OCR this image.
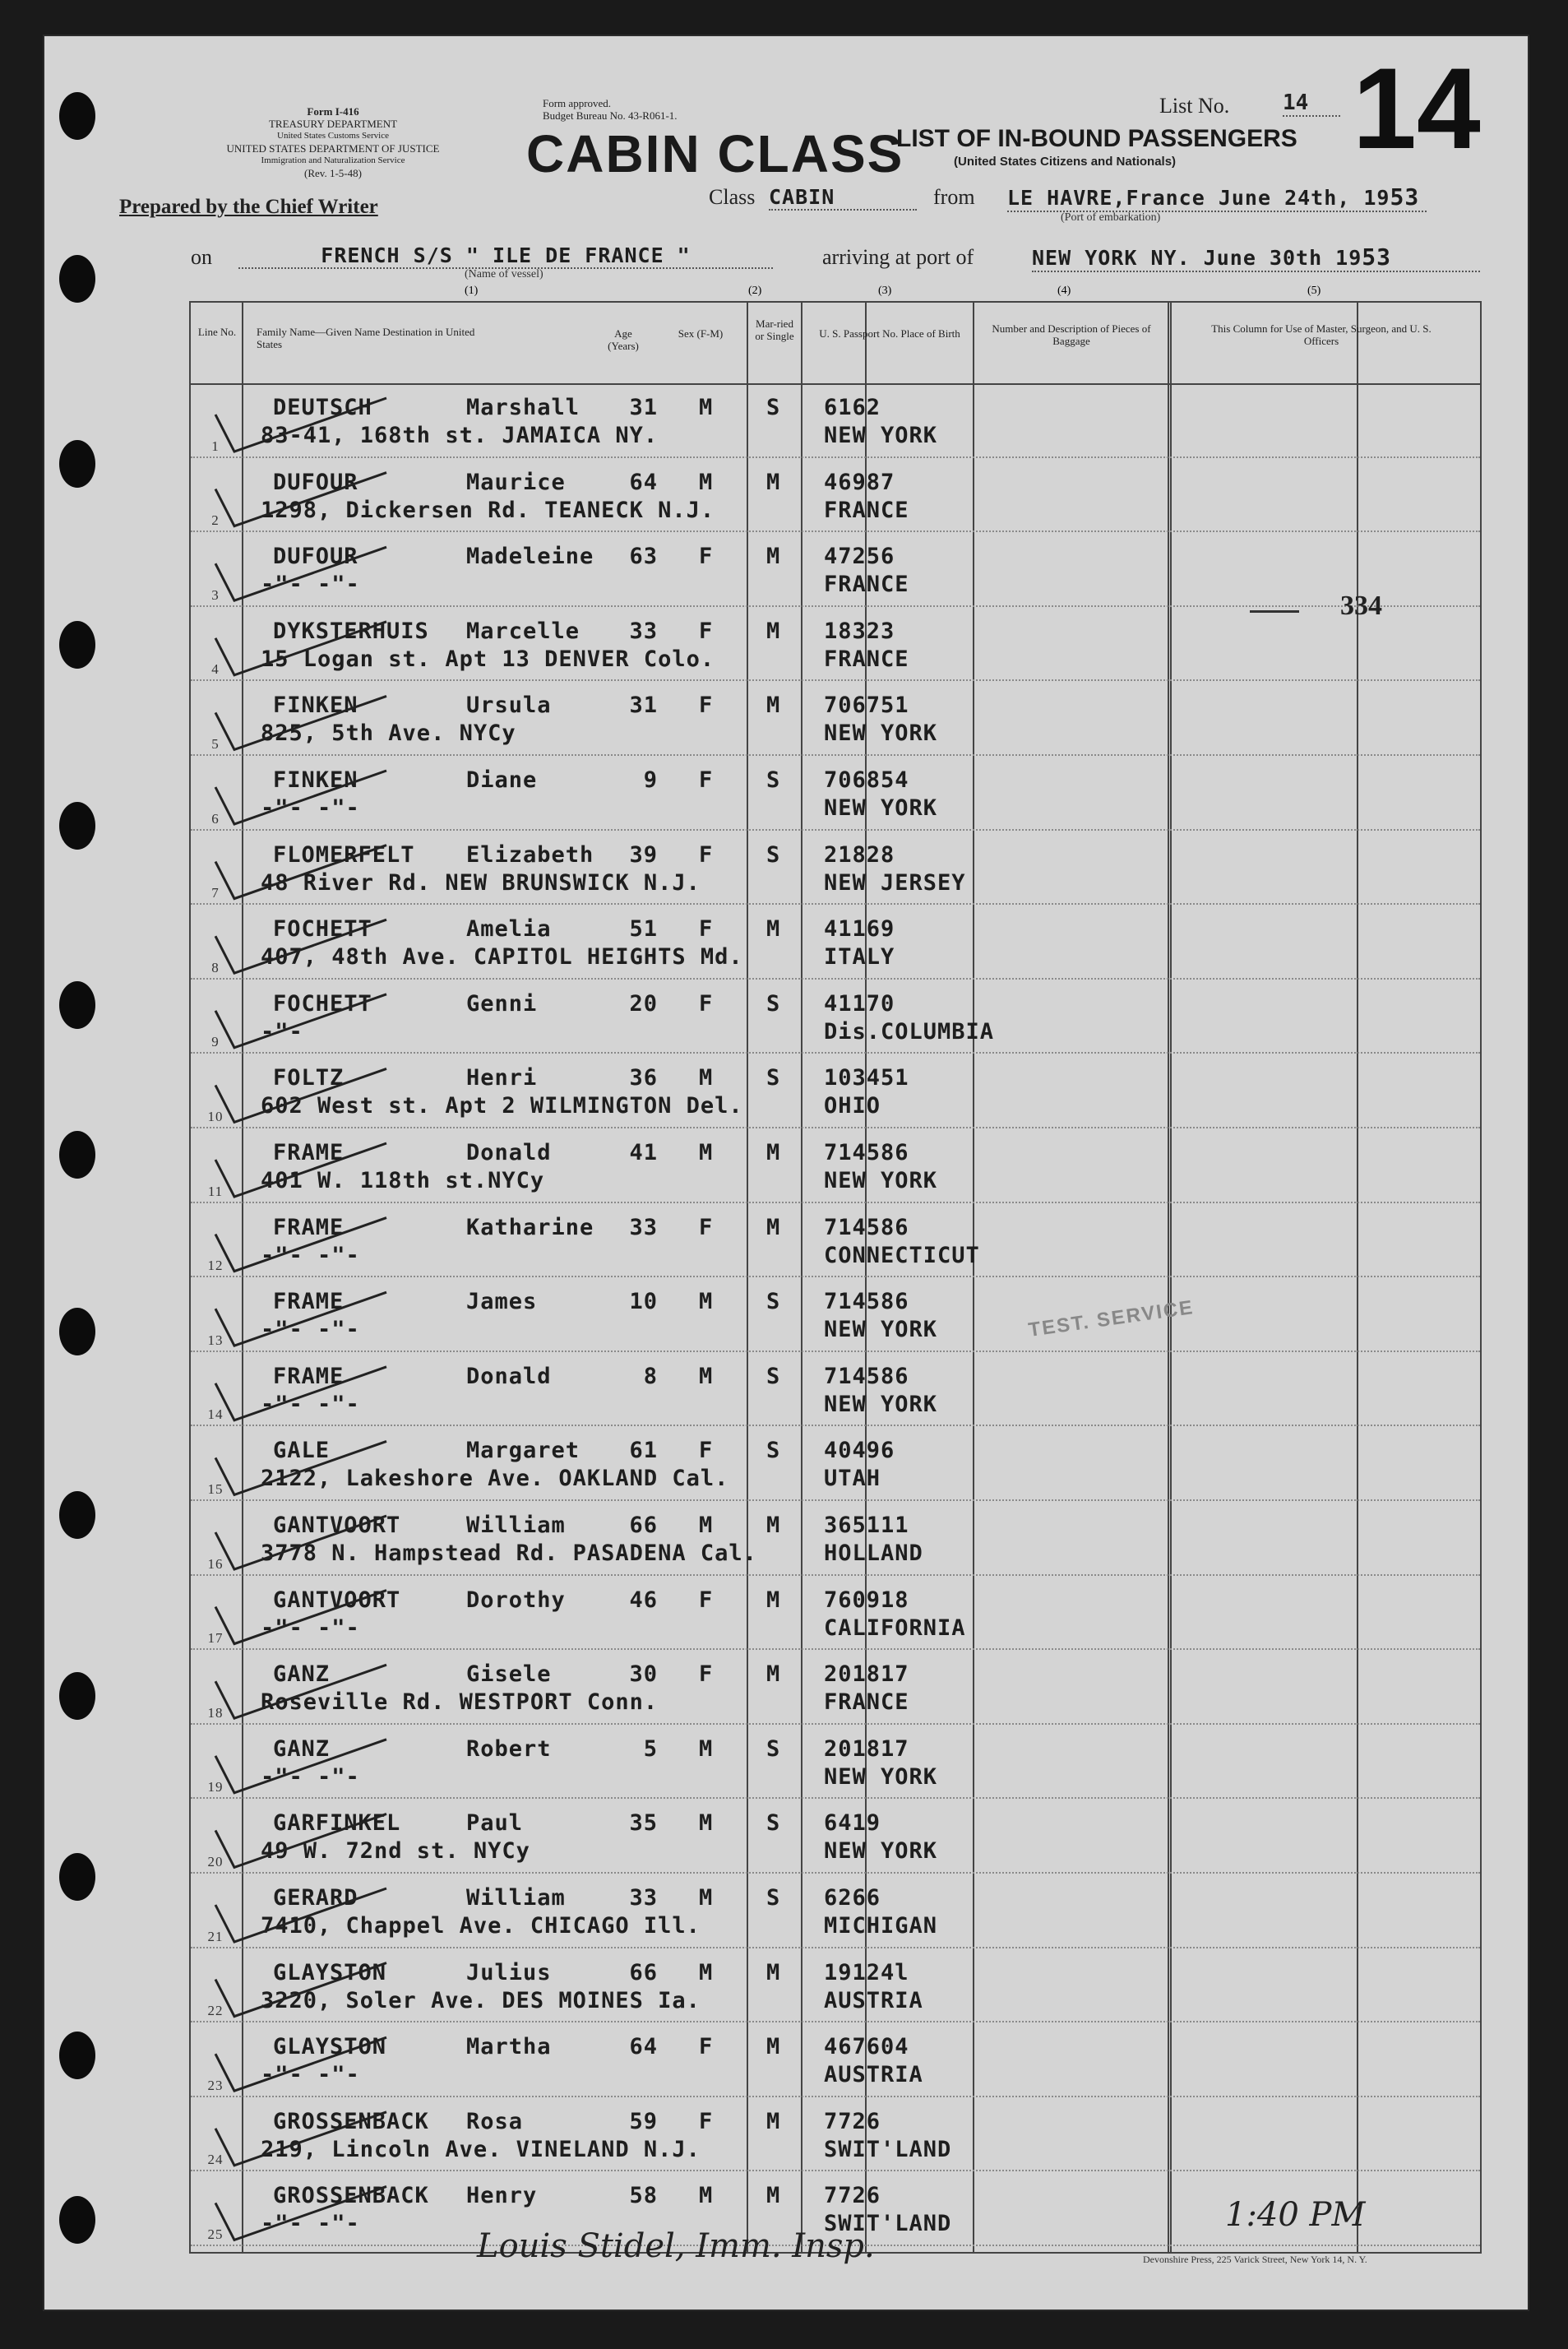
Form I-416
TREASURY DEPARTMENT
United States Customs Service
UNITED STATES DEPARTMENT OF JUSTICE
Immigration and Naturalization Service
(Rev. 1-5-48)
Form approved.
Budget Bureau No. 43-R061-1.
CABIN CLASS
LIST OF IN-BOUND PASSENGERS
(United States Citizens and Nationals)
List No. 14 14
Prepared by the Chief Writer	Class CABIN	from LE HAVRE,France June 24th, 1953
(Port of embarkation)
on	FRENCH S/S " ILE DE FRANCE "
(Name of vessel)
arriving at port of	NEW YORK NY. June 30th 1953
(1)	(2)	(3)	(4)	(5)
Line No.	Family Name—Given Name Destination in United States
Age (Years)
Sex (F-M)
Mar-ried or Single	U. S. Passport No. Place of Birth	Number and Description of Pieces of Baggage
This Column for Use of Master, Surgeon, and U. S. Officers
1
DEUTSCH	Marshall	31 M S 6162
83-41, 168th st. JAMAICA NY.	NEW YORK
2
DUFOUR	Maurice	64 M M 46987
1298, Dickersen Rd. TEANECK N.J.	FRANCE
3
DUFOUR	Madeleine	63 F M 47256
-"- -"-	FRANCE
4
DYKSTERHUIS Marcelle	33 F M 18323
15 Logan st. Apt 13 DENVER Colo.	FRANCE
5
FINKEN	Ursula	31 F M 706751
825, 5th Ave. NYCy	NEW YORK
6
FINKEN	Diane	9 F S 706854
-"- -"-	NEW YORK
7
FLOMERFELT Elizabeth	39 F S 21828
48 River Rd. NEW BRUNSWICK N.J.	NEW JERSEY
8
FOCHETT	Amelia	51 F M 41169
407, 48th Ave. CAPITOL HEIGHTS Md.	ITALY
9
FOCHETT	Genni	20 F S 41170
-"-	Dis.COLUMBIA
10
FOLTZ	Henri	36 M S 103451
602 West st. Apt 2 WILMINGTON Del.	OHIO
11
FRAME	Donald	41 M M 714586
401 W. 118th st.NYCy	NEW YORK
12
FRAME	Katharine	33 F M 714586
-"- -"-	CONNECTICUT
13
FRAME	James	10 M S 714586
-"- -"-	NEW YORK
14
FRAME	Donald	8 M S 714586
-"- -"-	NEW YORK
15
GALE	Margaret	61 F S 40496
2122, Lakeshore Ave. OAKLAND Cal.	UTAH
16
GANTVOORT	William	66 M M 365111
3778 N. Hampstead Rd. PASADENA Cal.	HOLLAND
17
GANTVOORT	Dorothy	46 F M 760918
-"- -"-	CALIFORNIA
18
GANZ	Gisele	30 F M 201817
Roseville Rd. WESTPORT Conn.	FRANCE
19
GANZ	Robert	5 M S 201817
-"- -"-	NEW YORK
20
GARFINKEL	Paul	35 M S 6419
49 W. 72nd st. NYCy	NEW YORK
21
GERARD	William	33 M S 6266
7410, Chappel Ave. CHICAGO Ill.	MICHIGAN
22
GLAYSTON	Julius	66 M M 19124l
3220, Soler Ave. DES MOINES Ia.	AUSTRIA
23
GLAYSTON	Martha	64 F M 467604
-"- -"-	AUSTRIA
24
GROSSENBACK Rosa	59 F M 7726
219, Lincoln Ave. VINELAND N.J.	SWIT'LAND
25
GROSSENBACK Henry	58 M M 7726
-"- -"-	SWIT'LAND
334
TEST. SERVICE
Louis Stidel, Imm. Insp.
1:40 PM
Devonshire Press, 225 Varick Street, New York 14, N. Y.
